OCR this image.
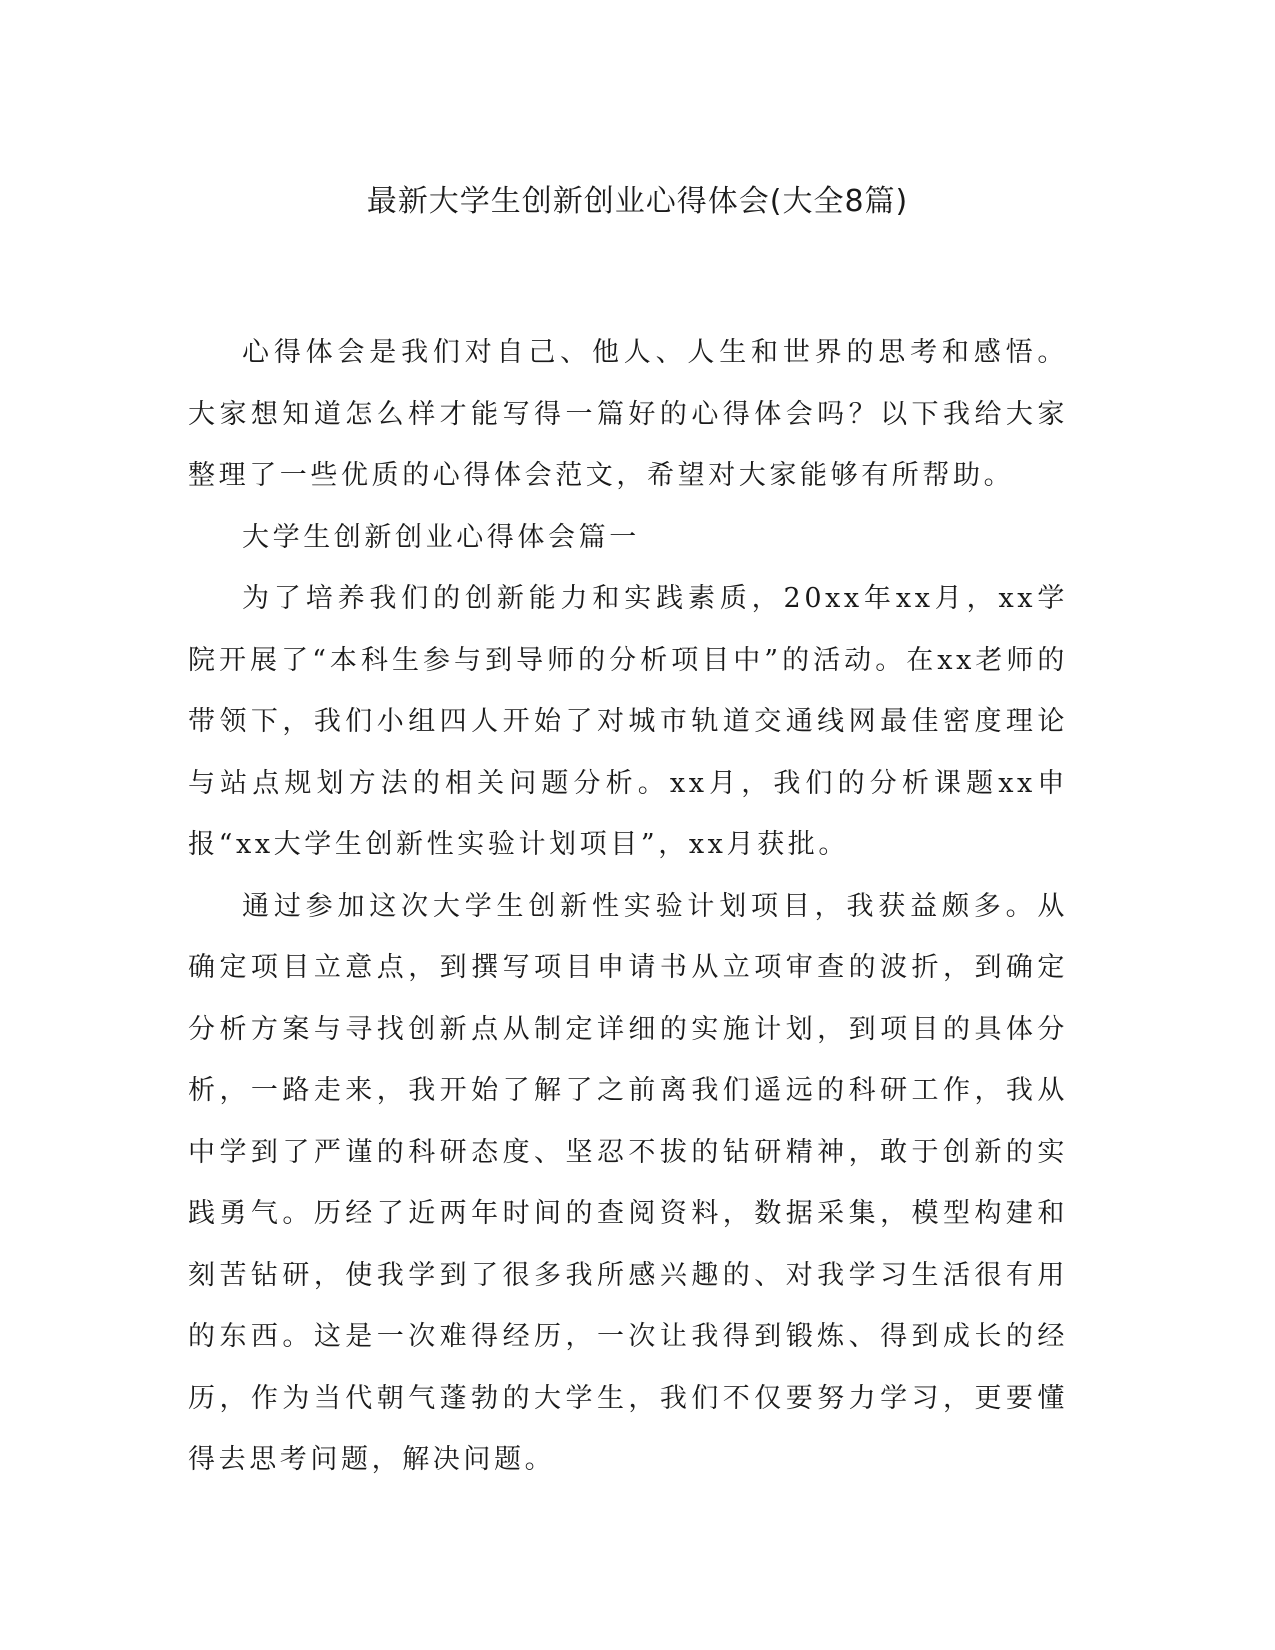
最新大学生创新创业心得体会(大全8篇)

心得体会是我们对自己、他人、人生和世界的思考和感悟。大家想知道怎么样才能写得一篇好的心得体会吗？以下我给大家整理了一些优质的心得体会范文，希望对大家能够有所帮助。

大学生创新创业心得体会篇一

为了培养我们的创新能力和实践素质，20xx年xx月，xx学院开展了“本科生参与到导师的分析项目中”的活动。在xx老师的带领下，我们小组四人开始了对城市轨道交通线网最佳密度理论与站点规划方法的相关问题分析。xx月，我们的分析课题xx申报“xx大学生创新性实验计划项目”，xx月获批。

通过参加这次大学生创新性实验计划项目，我获益颇多。从确定项目立意点，到撰写项目申请书从立项审查的波折，到确定分析方案与寻找创新点从制定详细的实施计划，到项目的具体分析，一路走来，我开始了解了之前离我们遥远的科研工作，我从中学到了严谨的科研态度、坚忍不拔的钻研精神，敢于创新的实践勇气。历经了近两年时间的查阅资料，数据采集，模型构建和刻苦钻研，使我学到了很多我所感兴趣的、对我学习生活很有用的东西。这是一次难得经历，一次让我得到锻炼、得到成长的经历，作为当代朝气蓬勃的大学生，我们不仅要努力学习，更要懂得去思考问题，解决问题。
